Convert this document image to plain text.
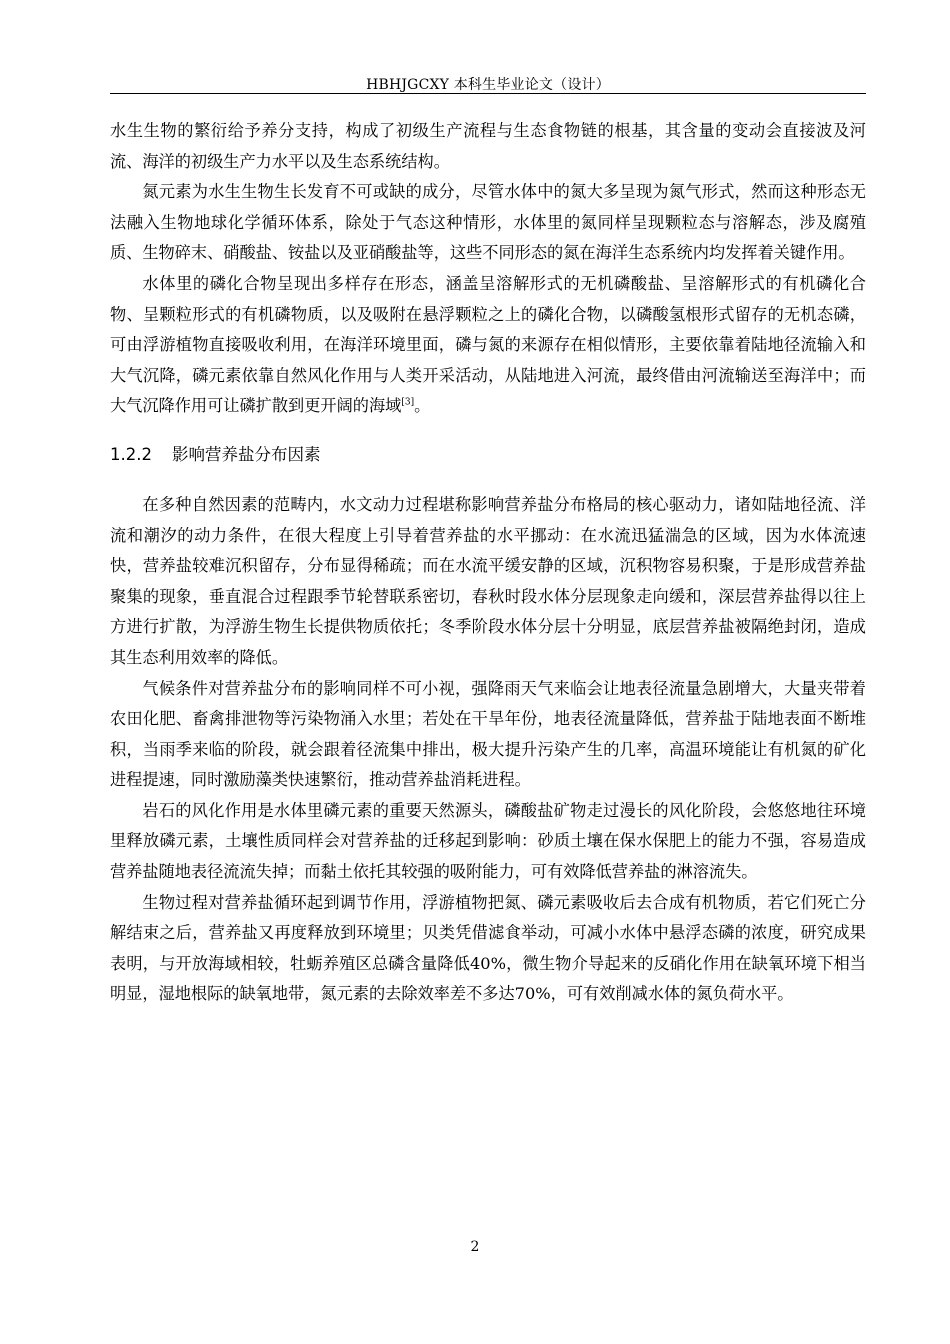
HBHJGCXY 本科生毕业论文（设计）

水生生物的繁衍给予养分支持，构成了初级生产流程与生态食物链的根基，其含量的变动会直接波及河流、海洋的初级生产力水平以及生态系统结构。

氮元素为水生生物生长发育不可或缺的成分，尽管水体中的氮大多呈现为氮气形式，然而这种形态无法融入生物地球化学循环体系，除处于气态这种情形，水体里的氮同样呈现颗粒态与溶解态，涉及腐殖质、生物碎末、硝酸盐、铵盐以及亚硝酸盐等，这些不同形态的氮在海洋生态系统内均发挥着关键作用。

水体里的磷化合物呈现出多样存在形态，涵盖呈溶解形式的无机磷酸盐、呈溶解形式的有机磷化合物、呈颗粒形式的有机磷物质，以及吸附在悬浮颗粒之上的磷化合物，以磷酸氢根形式留存的无机态磷，可由浮游植物直接吸收利用，在海洋环境里面，磷与氮的来源存在相似情形，主要依靠着陆地径流输入和大气沉降，磷元素依靠自然风化作用与人类开采活动，从陆地进入河流，最终借由河流输送至海洋中；而大气沉降作用可让磷扩散到更开阔的海域[3]。

1.2.2 影响营养盐分布因素

在多种自然因素的范畴内，水文动力过程堪称影响营养盐分布格局的核心驱动力，诸如陆地径流、洋流和潮汐的动力条件，在很大程度上引导着营养盐的水平挪动：在水流迅猛湍急的区域，因为水体流速快，营养盐较难沉积留存，分布显得稀疏；而在水流平缓安静的区域，沉积物容易积聚，于是形成营养盐聚集的现象，垂直混合过程跟季节轮替联系密切，春秋时段水体分层现象走向缓和，深层营养盐得以往上方进行扩散，为浮游生物生长提供物质依托；冬季阶段水体分层十分明显，底层营养盐被隔绝封闭，造成其生态利用效率的降低。

气候条件对营养盐分布的影响同样不可小视，强降雨天气来临会让地表径流量急剧增大，大量夹带着农田化肥、畜禽排泄物等污染物涌入水里；若处在干旱年份，地表径流量降低，营养盐于陆地表面不断堆积，当雨季来临的阶段，就会跟着径流集中排出，极大提升污染产生的几率，高温环境能让有机氮的矿化进程提速，同时激励藻类快速繁衍，推动营养盐消耗进程。

岩石的风化作用是水体里磷元素的重要天然源头，磷酸盐矿物走过漫长的风化阶段，会悠悠地往环境里释放磷元素，土壤性质同样会对营养盐的迁移起到影响：砂质土壤在保水保肥上的能力不强，容易造成营养盐随地表径流流失掉；而黏土依托其较强的吸附能力，可有效降低营养盐的淋溶流失。

生物过程对营养盐循环起到调节作用，浮游植物把氮、磷元素吸收后去合成有机物质，若它们死亡分解结束之后，营养盐又再度释放到环境里；贝类凭借滤食举动，可减小水体中悬浮态磷的浓度，研究成果表明，与开放海域相较，牡蛎养殖区总磷含量降低40%，微生物介导起来的反硝化作用在缺氧环境下相当明显，湿地根际的缺氧地带，氮元素的去除效率差不多达70%，可有效削减水体的氮负荷水平。

2
